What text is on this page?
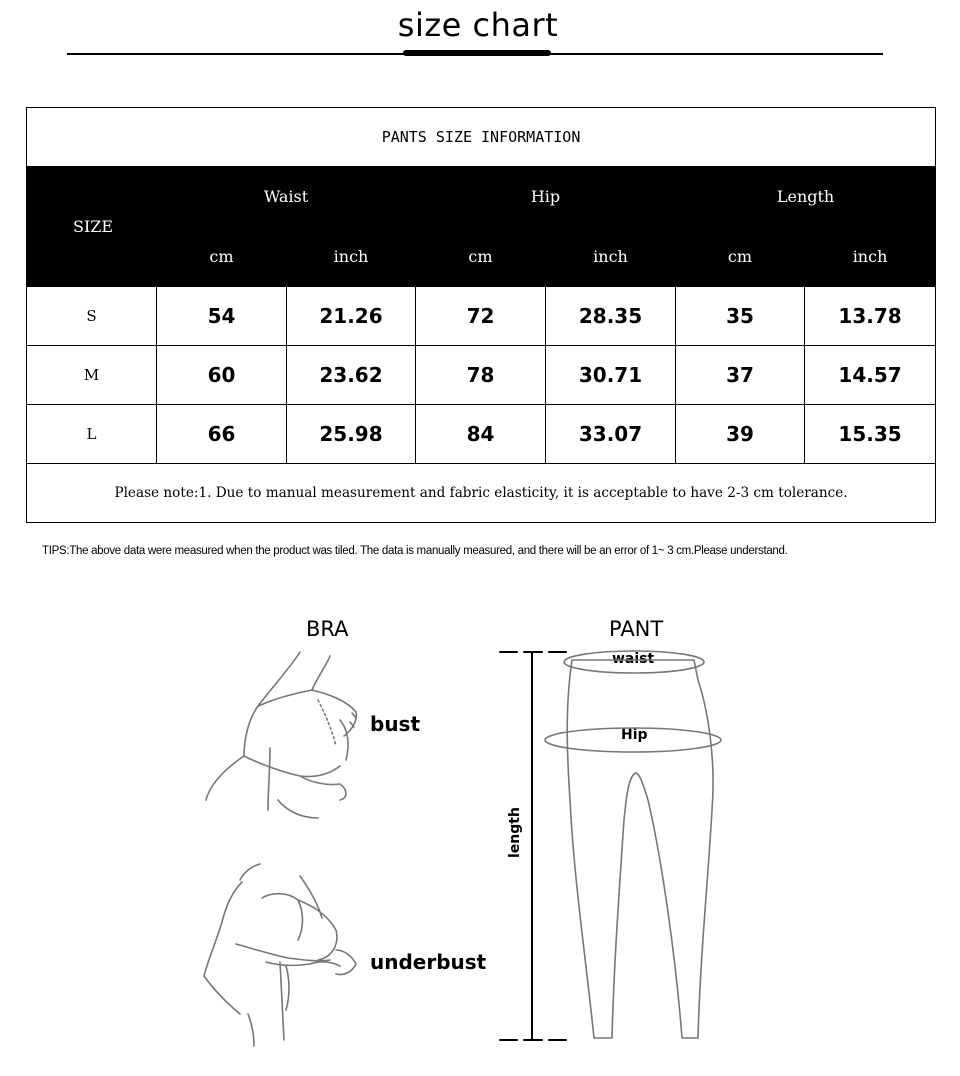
size chart
PANTS SIZE INFORMATION						
SIZE	Waist		Hip		Length	
	cm	inch	cm	inch	cm	inch
S	54	21.26	72	28.35	35	13.78
M	60	23.62	78	30.71	37	14.57
L	66	25.98	84	33.07	39	15.35
Please note:1. Due to manual measurement and fabric elasticity, it is acceptable to have 2-3 cm tolerance.						
TIPS:The above data were measured when the product was tiled. The data is manually measured, and there will be an error of 1~ 3 cm.Please understand.
BRA	PANT
bust
underbust
waist
Hip
length
